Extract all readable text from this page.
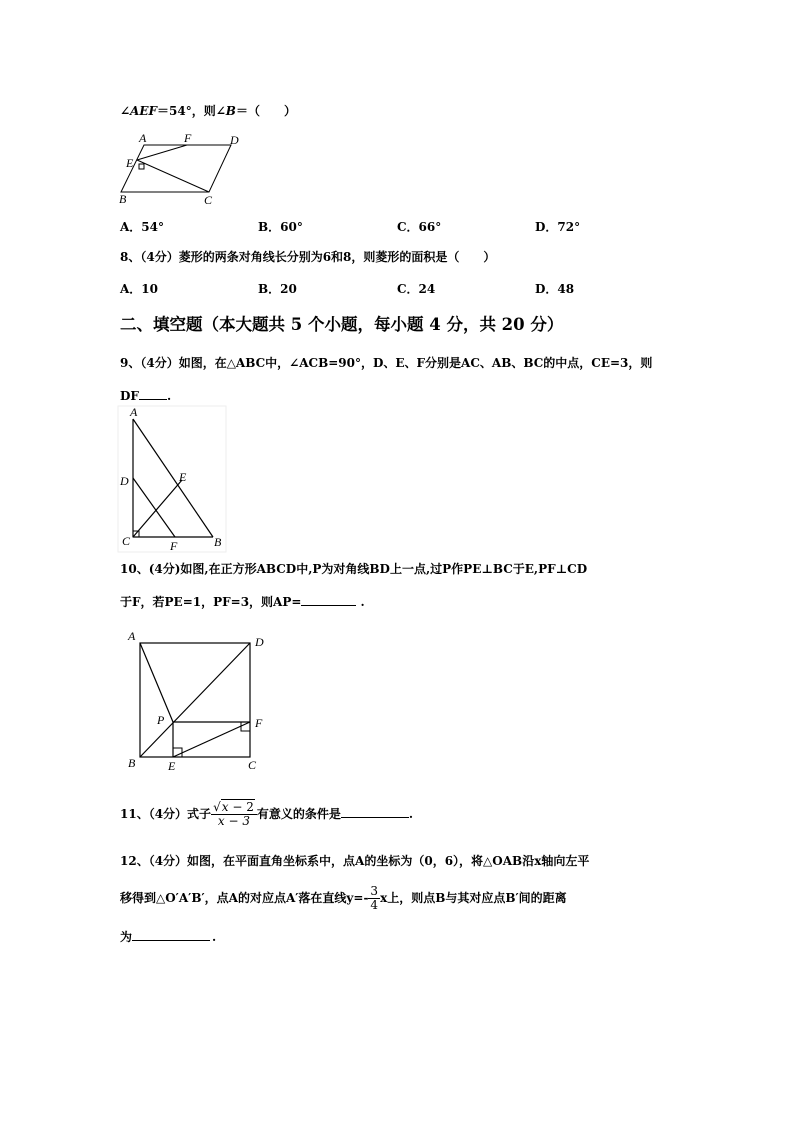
∠AEF＝54°，则∠B＝（　　）
A	F	D
E
B	C
A．54°	B．60°	C．66°	D．72°
8、（4分）菱形的两条对角线长分别为6和8，则菱形的面积是（　　）
A．10	B．20	C．24	D．48
二、填空题（本大题共 5 个小题，每小题 4 分，共 20 分）
9、（4分）如图，在△ABC中，∠ACB=90°，D、E、F分别是AC、AB、BC的中点，CE=3，则
DF .
A
D	E
C	F	B
10、(4分)如图,在正方形ABCD中,P为对角线BD上一点,过P作PE⊥BC于E,PF⊥CD
于F，若PE=1，PF=3，则AP=	.
A	D
P	F
B	E	C
11、（4分）式子 $\frac{√x - 2}{x - 3}$ 有意义的条件是	.
12、（4分）如图，在平面直角坐标系中，点A的坐标为（0，6），将△OAB沿x轴向左平
移得到△O′A′B′，点A的对应点A′落在直线$y=- \frac{3}{4}$ x上，则点B与其对应点B′间的距离
为	.
